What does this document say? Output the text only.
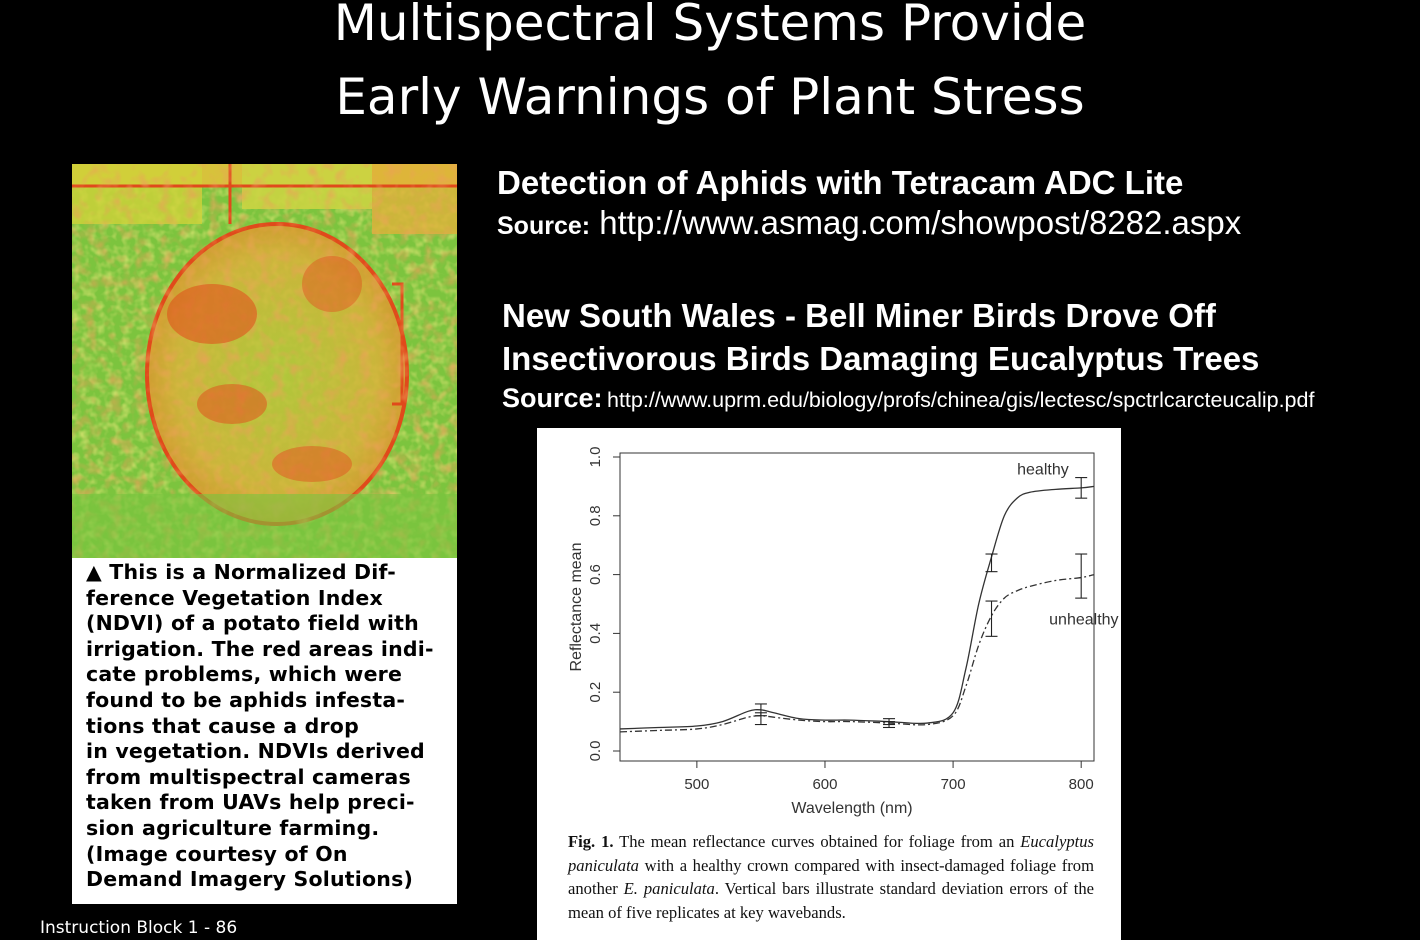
Multispectral Systems Provide
Early Warnings of Plant Stress
▲ This is a Normalized Dif-
ference Vegetation Index
(NDVI) of a potato field with
irrigation. The red areas indi-
cate problems, which were
found to be aphids infesta-
tions that cause a drop
in vegetation. NDVIs derived
from multispectral cameras
taken from UAVs help preci-
sion agriculture farming.
(Image courtesy of On
Demand Imagery Solutions)
Instruction Block 1 - 86
Detection of Aphids with Tetracam ADC Lite
Source: http://www.asmag.com/showpost/8282.aspx
New South Wales - Bell Miner Birds Drove Off
Insectivorous Birds Damaging Eucalyptus Trees
Source: http://www.uprm.edu/biology/profs/chinea/gis/lectesc/spctrlcarcteucalip.pdf
500	600	700	800
0.0
0.2
0.4
0.6
0.8
1.0
Wavelength (nm)
Reflectance mean
healthy
unhealthy
Fig. 1. The mean reflectance curves obtained for foliage from an Eucalyptus paniculata with a healthy crown compared with insect-damaged foliage from another E. paniculata. Vertical bars illustrate standard deviation errors of the mean of five replicates at key wavebands.
